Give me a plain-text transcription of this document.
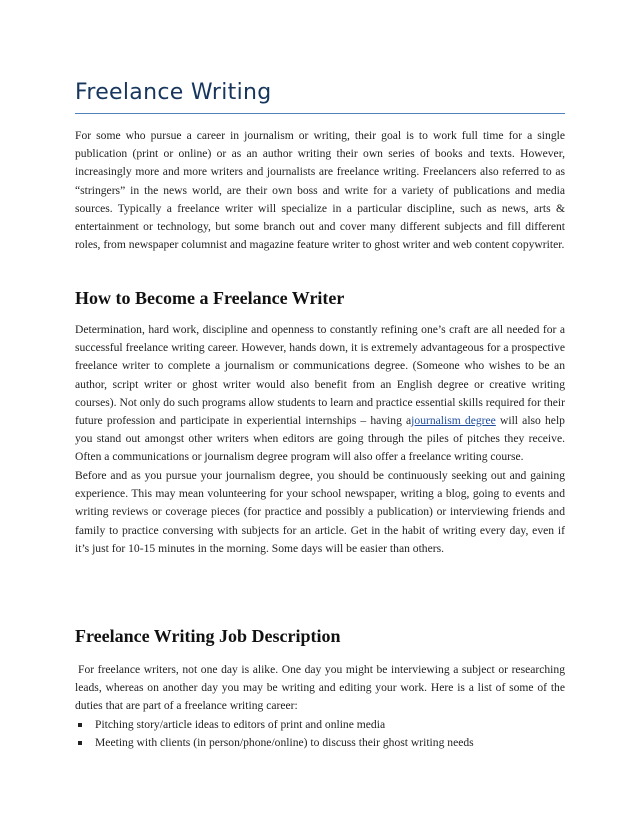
Freelance Writing

For some who pursue a career in journalism or writing, their goal is to work full time for a single publication (print or online) or as an author writing their own series of books and texts. However, increasingly more and more writers and journalists are freelance writing. Freelancers also referred to as “stringers” in the news world, are their own boss and write for a variety of publications and media sources. Typically a freelance writer will specialize in a particular discipline, such as news, arts & entertainment or technology, but some branch out and cover many different subjects and fill different roles, from newspaper columnist and magazine feature writer to ghost writer and web content copywriter.

How to Become a Freelance Writer

Determination, hard work, discipline and openness to constantly refining one’s craft are all needed for a successful freelance writing career. However, hands down, it is extremely advantageous for a prospective freelance writer to complete a journalism or communications degree. (Someone who wishes to be an author, script writer or ghost writer would also benefit from an English degree or creative writing courses). Not only do such programs allow students to learn and practice essential skills required for their future profession and participate in experiential internships – having ajournalism degree will also help you stand out amongst other writers when editors are going through the piles of pitches they receive. Often a communications or journalism degree program will also offer a freelance writing course.

Before and as you pursue your journalism degree, you should be continuously seeking out and gaining experience. This may mean volunteering for your school newspaper, writing a blog, going to events and writing reviews or coverage pieces (for practice and possibly a publication) or interviewing friends and family to practice conversing with subjects for an article. Get in the habit of writing every day, even if it’s just for 10-15 minutes in the morning. Some days will be easier than others.

Freelance Writing Job Description

For freelance writers, not one day is alike. One day you might be interviewing a subject or researching leads, whereas on another day you may be writing and editing your work. Here is a list of some of the duties that are part of a freelance writing career:

Pitching story/article ideas to editors of print and online media
Meeting with clients (in person/phone/online) to discuss their ghost writing needs
